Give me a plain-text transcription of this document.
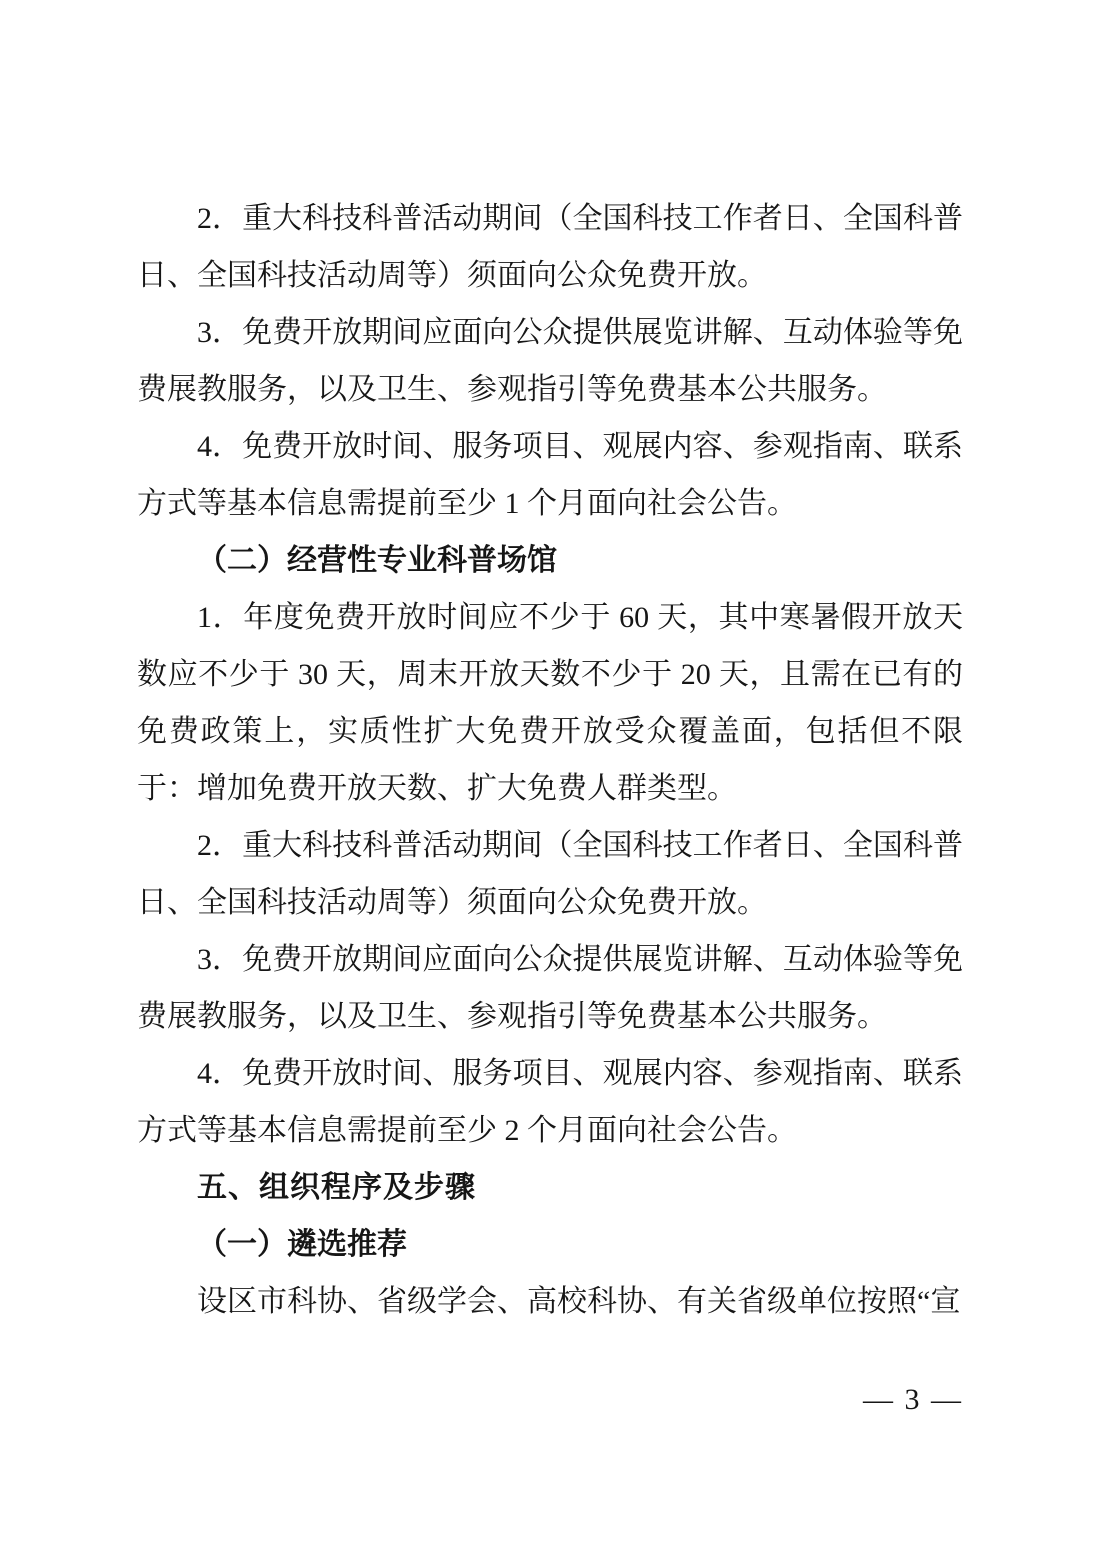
2．重大科技科普活动期间（全国科技工作者日、全国科普日、全国科技活动周等）须面向公众免费开放。

3．免费开放期间应面向公众提供展览讲解、互动体验等免费展教服务，以及卫生、参观指引等免费基本公共服务。

4．免费开放时间、服务项目、观展内容、参观指南、联系方式等基本信息需提前至少 1 个月面向社会公告。

（二）经营性专业科普场馆

1．年度免费开放时间应不少于 60 天，其中寒暑假开放天数应不少于 30 天，周末开放天数不少于 20 天，且需在已有的免费政策上，实质性扩大免费开放受众覆盖面，包括但不限于：增加免费开放天数、扩大免费人群类型。

2．重大科技科普活动期间（全国科技工作者日、全国科普日、全国科技活动周等）须面向公众免费开放。

3．免费开放期间应面向公众提供展览讲解、互动体验等免费展教服务，以及卫生、参观指引等免费基本公共服务。

4．免费开放时间、服务项目、观展内容、参观指南、联系方式等基本信息需提前至少 2 个月面向社会公告。

五、组织程序及步骤

（一）遴选推荐

设区市科协、省级学会、高校科协、有关省级单位按照“宣

— 3 —
